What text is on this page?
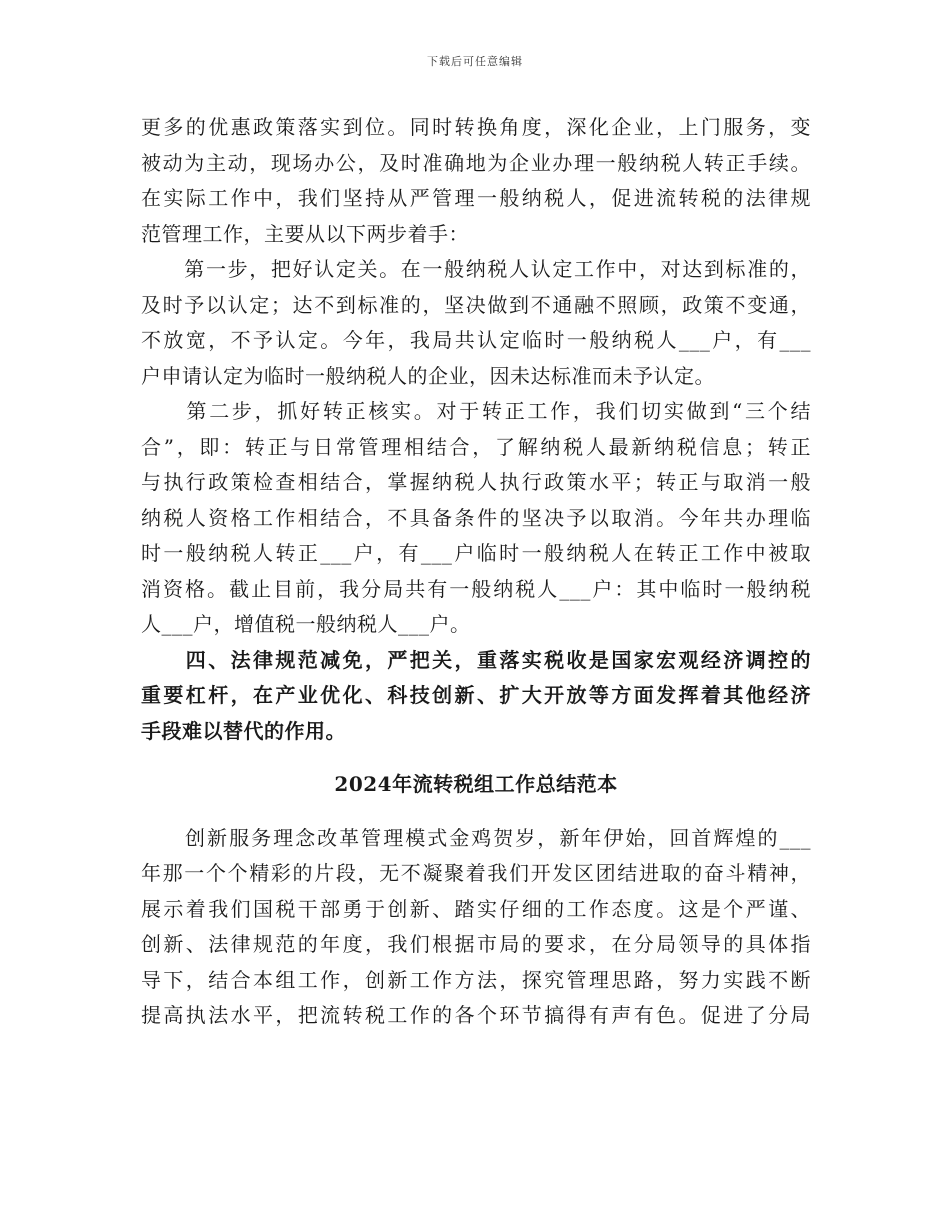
下载后可任意编辑
更多的优惠政策落实到位。同时转换角度，深化企业，上门服务，变
被动为主动，现场办公，及时准确地为企业办理一般纳税人转正手续。
在实际工作中，我们坚持从严管理一般纳税人，促进流转税的法律规
范管理工作，主要从以下两步着手：
　　第一步，把好认定关。在一般纳税人认定工作中，对达到标准的，
及时予以认定；达不到标准的，坚决做到不通融不照顾，政策不变通，
不放宽，不予认定。今年，我局共认定临时一般纳税人___户，有___
户申请认定为临时一般纳税人的企业，因未达标准而未予认定。
　　第二步，抓好转正核实。对于转正工作，我们切实做到“三个结
合”，即：转正与日常管理相结合，了解纳税人最新纳税信息；转正
与执行政策检查相结合，掌握纳税人执行政策水平；转正与取消一般
纳税人资格工作相结合，不具备条件的坚决予以取消。今年共办理临
时一般纳税人转正___户，有___户临时一般纳税人在转正工作中被取
消资格。截止目前，我分局共有一般纳税人___户：其中临时一般纳税
人___户，增值税一般纳税人___户。
　　四、法律规范减免，严把关，重落实税收是国家宏观经济调控的
重要杠杆，在产业优化、科技创新、扩大开放等方面发挥着其他经济
手段难以替代的作用。
2024年流转税组工作总结范本
　　创新服务理念改革管理模式金鸡贺岁，新年伊始，回首辉煌的___
年那一个个精彩的片段，无不凝聚着我们开发区团结进取的奋斗精神，
展示着我们国税干部勇于创新、踏实仔细的工作态度。这是个严谨、
创新、法律规范的年度，我们根据市局的要求，在分局领导的具体指
导下，结合本组工作，创新工作方法，探究管理思路，努力实践不断
提高执法水平，把流转税工作的各个环节搞得有声有色。促进了分局
